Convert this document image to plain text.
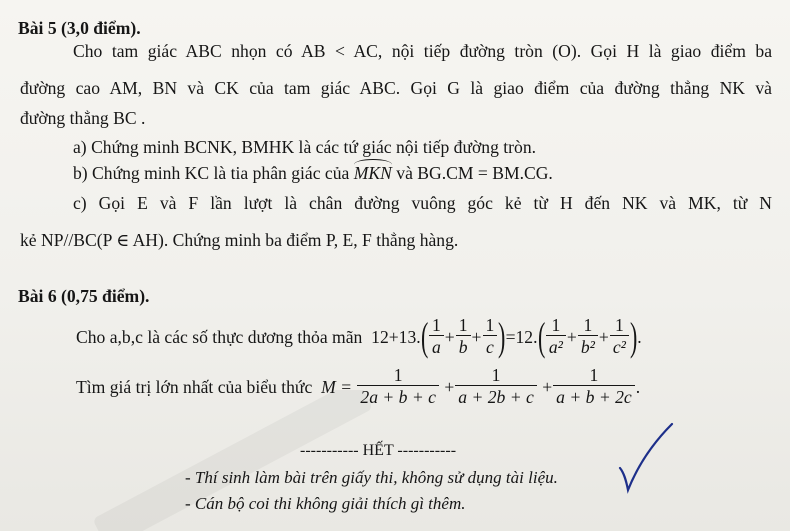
Bài 5 (3,0 điểm).
Cho tam giác ABC nhọn có AB < AC, nội tiếp đường tròn (O). Gọi H là giao điểm ba
đường cao AM, BN và CK của tam giác ABC. Gọi G là giao điểm của đường thẳng NK và
đường thẳng BC .
a) Chứng minh BCNK, BMHK là các tứ giác nội tiếp đường tròn.
b) Chứng minh KC là tia phân giác của MKN và BG.CM = BM.CG.
c) Gọi E và F lần lượt là chân đường vuông góc kẻ từ H đến NK và MK, từ N
kẻ NP//BC(P ∈ AH). Chứng minh ba điểm P, E, F thẳng hàng.
Bài 6 (0,75 điểm).
Cho a,b,c là các số thực dương thỏa mãn
12+13. ( $\frac{1}{a} + \frac{1}{b} + \frac{1}{c}$ ) =12. ( $\frac{1}{\text{a²}} + \frac{1}{\text{b²}} + \frac{1}{\text{c²}}$ ) .
Tìm giá trị lớn nhất của biểu thức
M =
$\frac{1}{2a + b + c} + \frac{1}{a + 2b + c} + \frac{1}{a + b + 2c}$ .
----------- HẾT -----------
- Thí sinh làm bài trên giấy thi, không sử dụng tài liệu.
- Cán bộ coi thi không giải thích gì thêm.
